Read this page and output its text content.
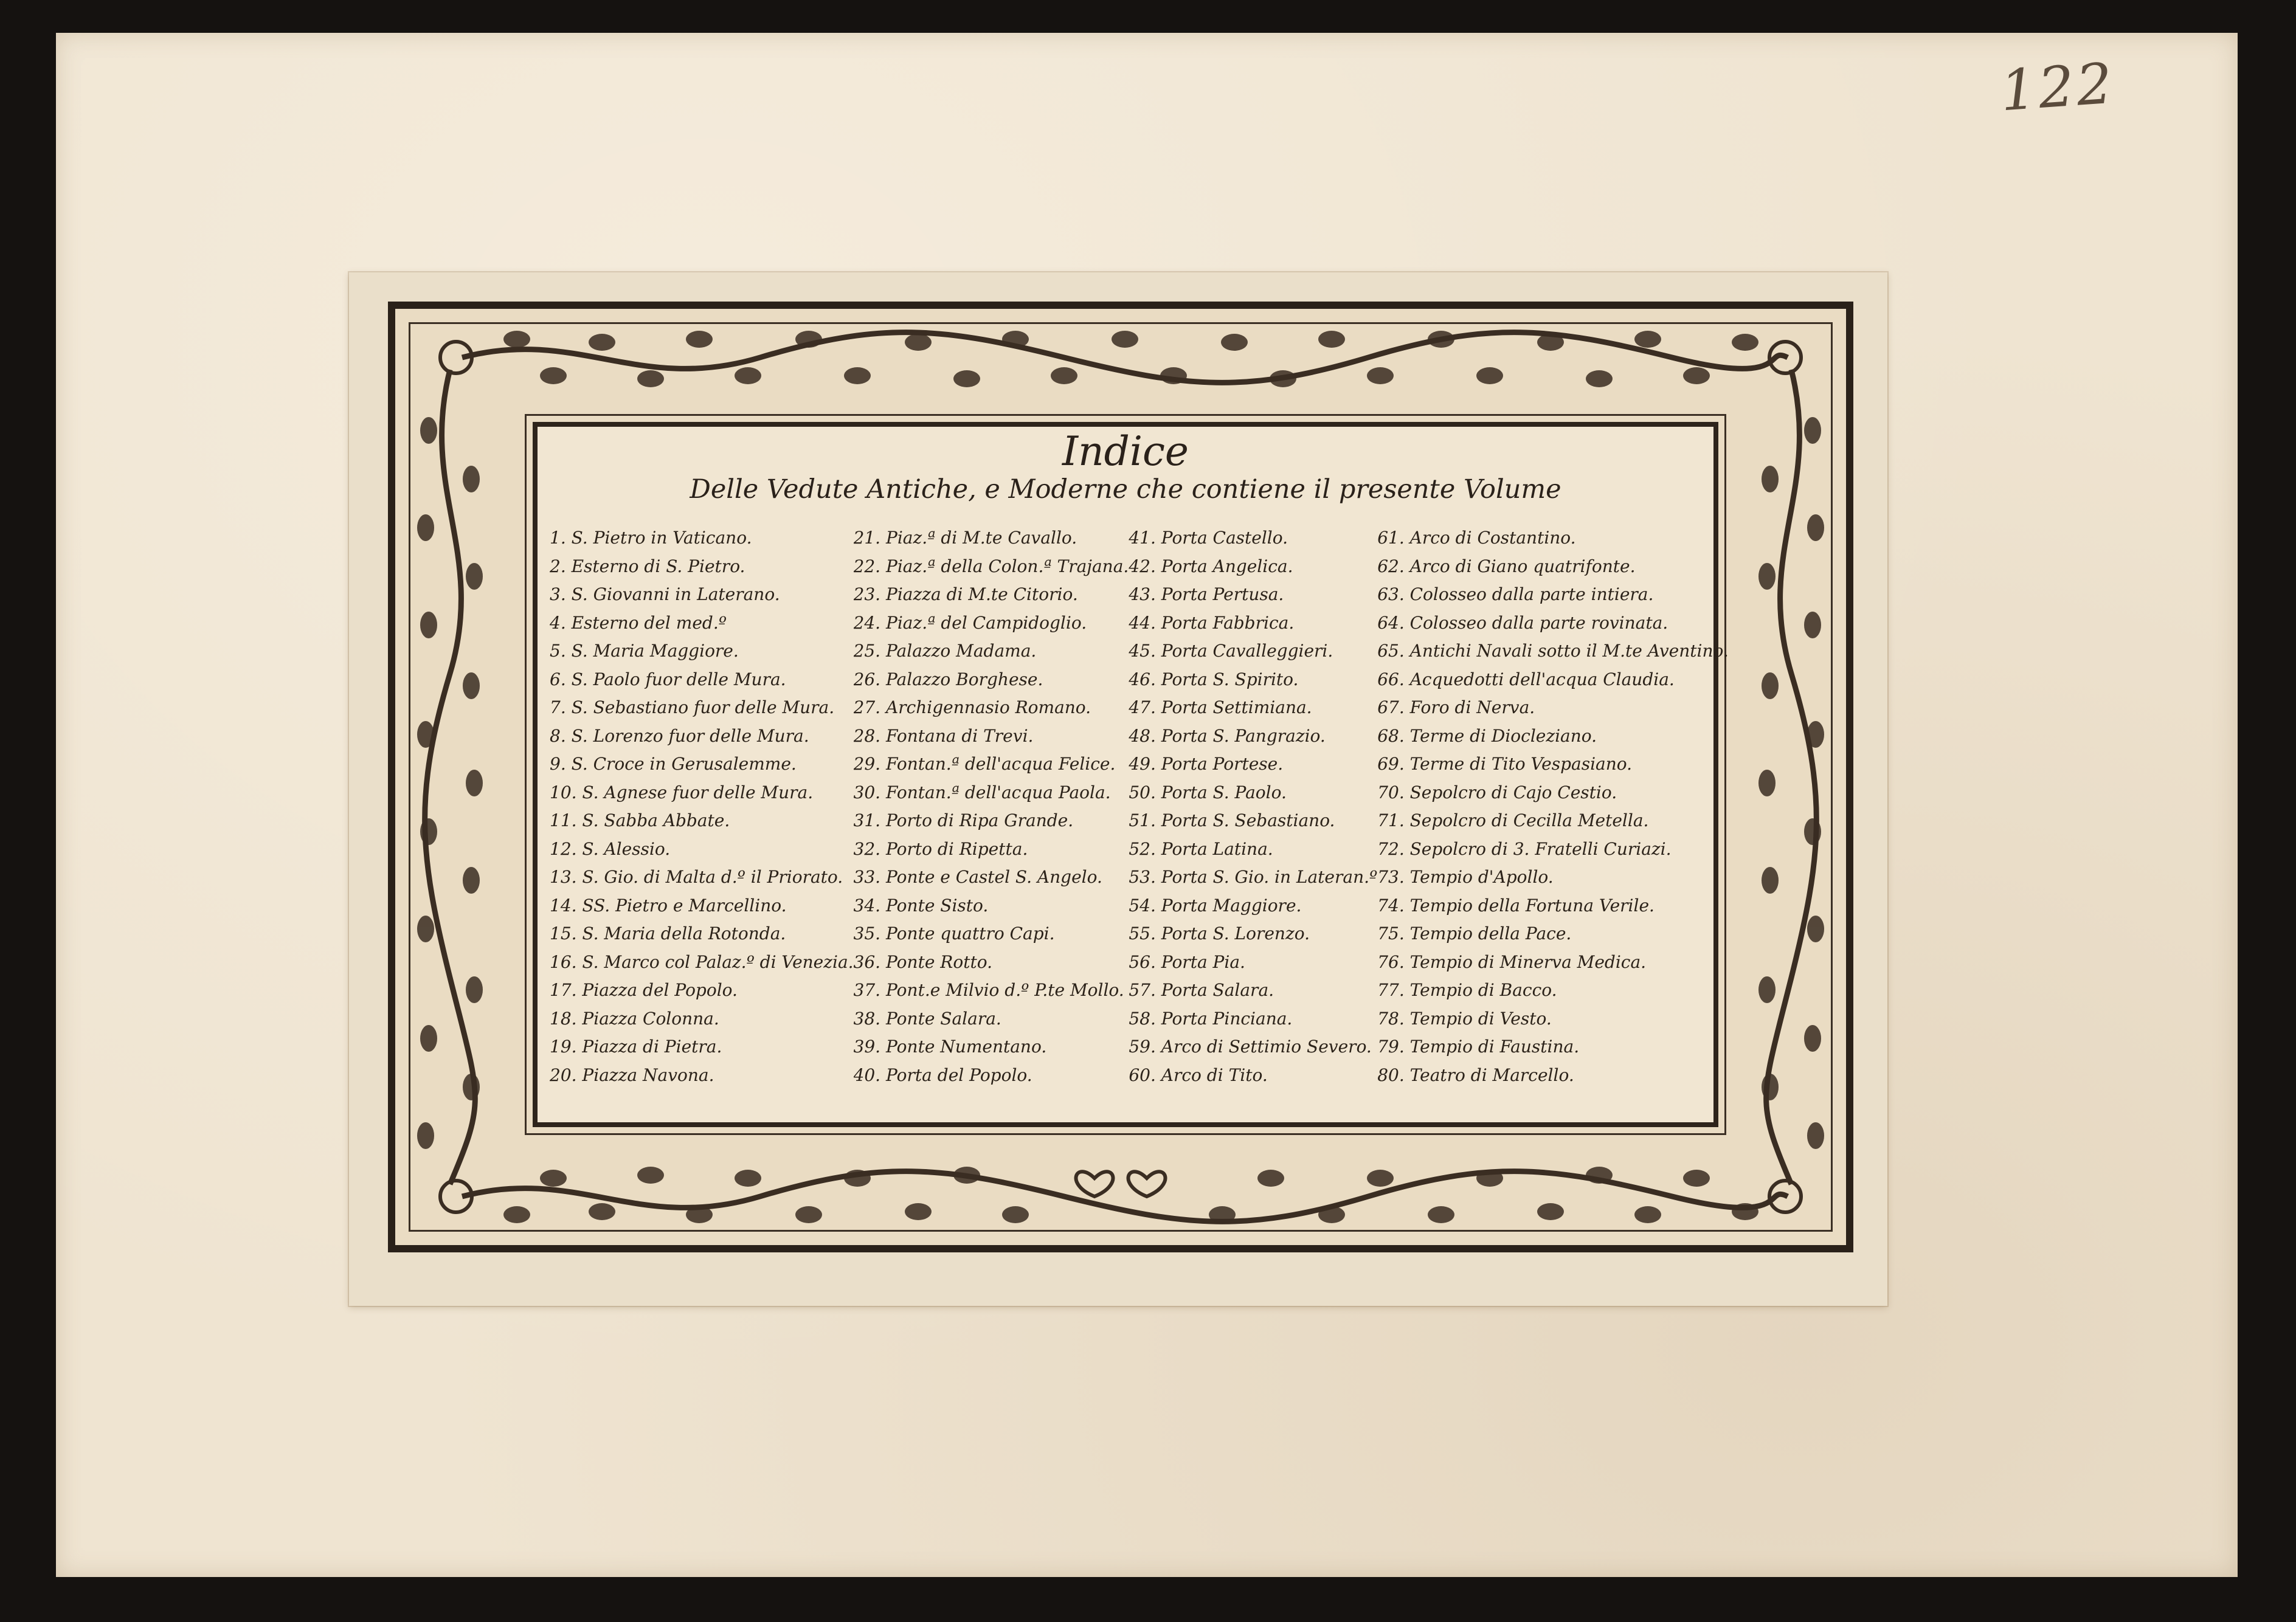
122
Indice
Delle Vedute Antiche, e Moderne che contiene il presente Volume
1. S. Pietro in Vaticano.
2. Esterno di S. Pietro.
3. S. Giovanni in Laterano.
4. Esterno del med.º
5. S. Maria Maggiore.
6. S. Paolo fuor delle Mura.
7. S. Sebastiano fuor delle Mura.
8. S. Lorenzo fuor delle Mura.
9. S. Croce in Gerusalemme.
10. S. Agnese fuor delle Mura.
11. S. Sabba Abbate.
12. S. Alessio.
13. S. Gio. di Malta d.º il Priorato.
14. SS. Pietro e Marcellino.
15. S. Maria della Rotonda.
16. S. Marco col Palaz.º di Venezia.
17. Piazza del Popolo.
18. Piazza Colonna.
19. Piazza di Pietra.
20. Piazza Navona.
21. Piaz.ª di M.te Cavallo.
22. Piaz.ª della Colon.ª Trajana.
23. Piazza di M.te Citorio.
24. Piaz.ª del Campidoglio.
25. Palazzo Madama.
26. Palazzo Borghese.
27. Archigennasio Romano.
28. Fontana di Trevi.
29. Fontan.ª dell'acqua Felice.
30. Fontan.ª dell'acqua Paola.
31. Porto di Ripa Grande.
32. Porto di Ripetta.
33. Ponte e Castel S. Angelo.
34. Ponte Sisto.
35. Ponte quattro Capi.
36. Ponte Rotto.
37. Pont.e Milvio d.º P.te Mollo.
38. Ponte Salara.
39. Ponte Numentano.
40. Porta del Popolo.
41. Porta Castello.
42. Porta Angelica.
43. Porta Pertusa.
44. Porta Fabbrica.
45. Porta Cavalleggieri.
46. Porta S. Spirito.
47. Porta Settimiana.
48. Porta S. Pangrazio.
49. Porta Portese.
50. Porta S. Paolo.
51. Porta S. Sebastiano.
52. Porta Latina.
53. Porta S. Gio. in Lateran.º
54. Porta Maggiore.
55. Porta S. Lorenzo.
56. Porta Pia.
57. Porta Salara.
58. Porta Pinciana.
59. Arco di Settimio Severo.
60. Arco di Tito.
61. Arco di Costantino.
62. Arco di Giano quatrifonte.
63. Colosseo dalla parte intiera.
64. Colosseo dalla parte rovinata.
65. Antichi Navali sotto il M.te Aventino.
66. Acquedotti dell'acqua Claudia.
67. Foro di Nerva.
68. Terme di Diocleziano.
69. Terme di Tito Vespasiano.
70. Sepolcro di Cajo Cestio.
71. Sepolcro di Cecilla Metella.
72. Sepolcro di 3. Fratelli Curiazi.
73. Tempio d'Apollo.
74. Tempio della Fortuna Verile.
75. Tempio della Pace.
76. Tempio di Minerva Medica.
77. Tempio di Bacco.
78. Tempio di Vesto.
79. Tempio di Faustina.
80. Teatro di Marcello.
